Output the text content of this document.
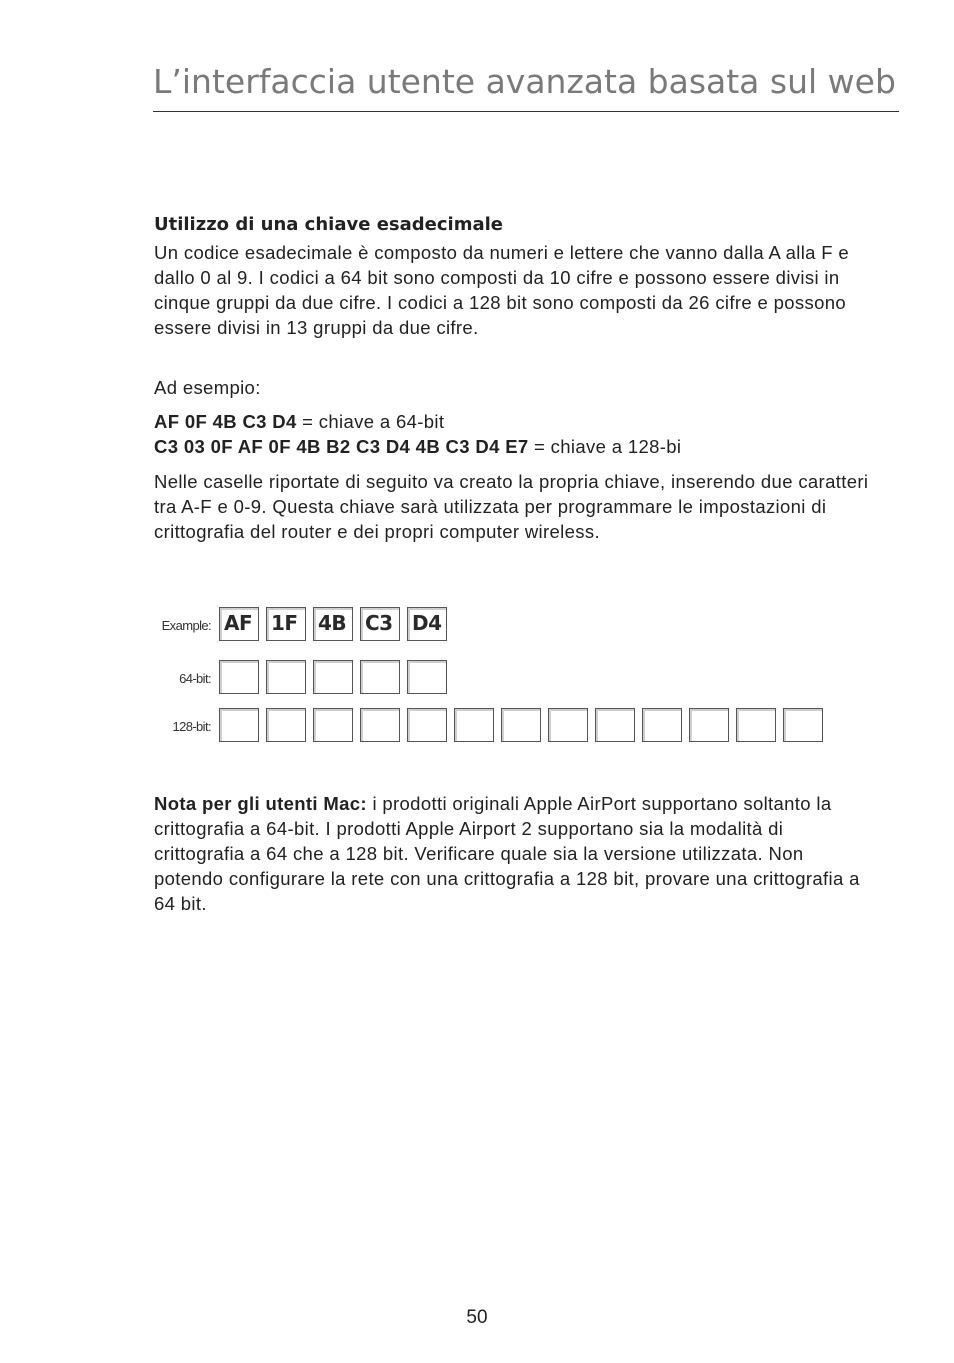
L’interfaccia utente avanzata basata sul web
Utilizzo di una chiave esadecimale

Un codice esadecimale è composto da numeri e lettere che vanno dalla A alla F e dallo 0 al 9. I codici a 64 bit sono composti da 10 cifre e possono essere divisi in cinque gruppi da due cifre. I codici a 128 bit sono composti da 26 cifre e possono essere divisi in 13 gruppi da due cifre.

Ad esempio:

AF 0F 4B C3 D4 = chiave a 64-bit
C3 03 0F AF 0F 4B B2 C3 D4 4B C3 D4 E7 = chiave a 128-bi

Nelle caselle riportate di seguito va creato la propria chiave, inserendo due caratteri tra A-F e 0-9. Questa chiave sarà utilizzata per programmare le impostazioni di crittografia del router e dei propri computer wireless.

Example: AF 1F 4B C3 D4
64-bit:
128-bit:

Nota per gli utenti Mac: i prodotti originali Apple AirPort supportano soltanto la crittografia a 64-bit. I prodotti Apple Airport 2 supportano sia la modalità di crittografia a 64 che a 128 bit. Verificare quale sia la versione utilizzata. Non potendo configurare la rete con una crittografia a 128 bit, provare una crittografia a 64 bit.

50
